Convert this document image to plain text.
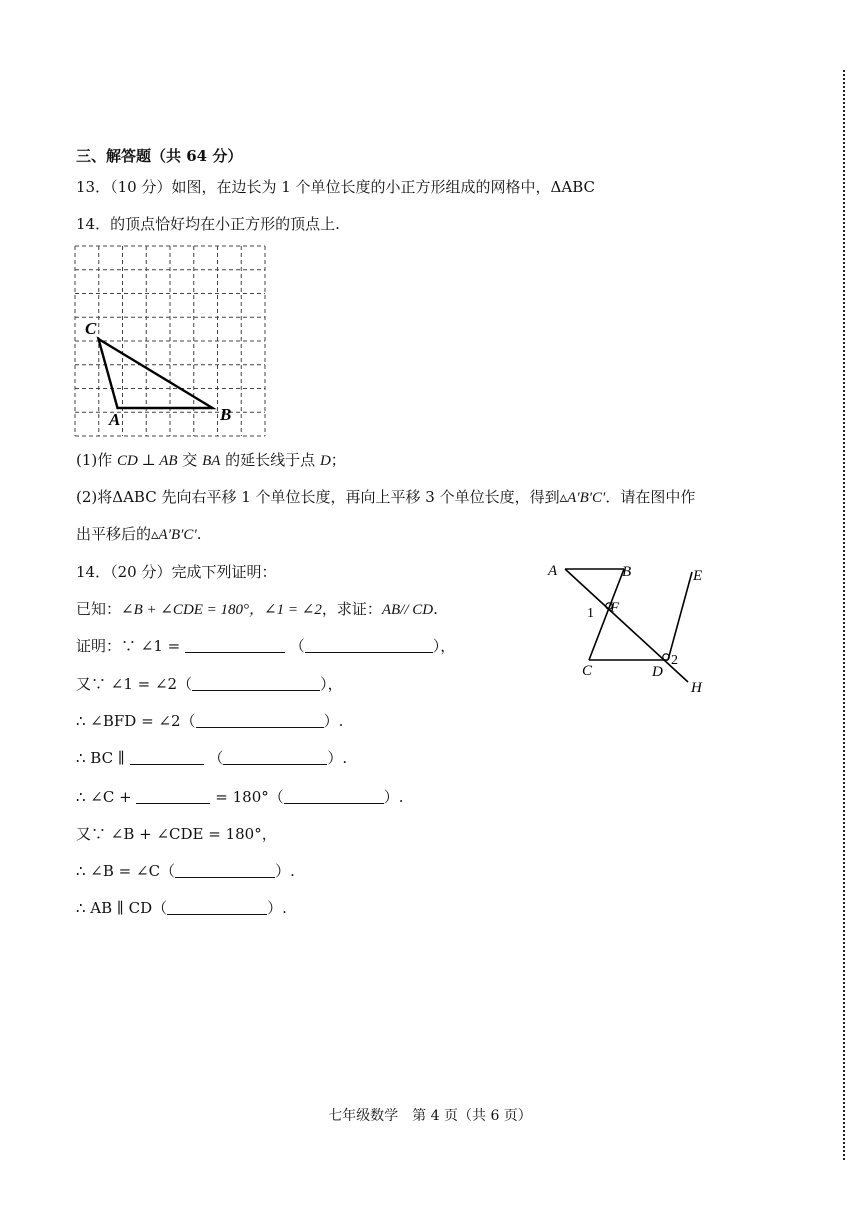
三、解答题（共 64 分）
13．（10 分）如图，在边长为 1 个单位长度的小正方形组成的网格中，ΔABC
14．的顶点恰好均在小正方形的顶点上.
C
A	B
(1)作 CD ⊥ AB 交 BA 的延长线于点 D；
(2)将ΔABC 先向右平移 1 个单位长度，再向上平移 3 个单位长度，得到▵A′B′C′．请在图中作
出平移后的▵A′B′C′.
14．（20 分）完成下列证明：
已知：∠B + ∠CDE = 180°，∠1 = ∠2，求证：AB// CD.
证明：∵ ∠1 =	（	），
又∵ ∠1 = ∠2（	），
∴ ∠BFD = ∠2（	）.
∴ BC ∥	（	）.
∴ ∠C +	= 180°（	）.
又∵ ∠B + ∠CDE = 180°，
∴ ∠B = ∠C（	）.
∴ AB ∥ CD（	）.
A	B	E
1 F
C	D
2
H
七年级数学　第 4 页（共 6 页）
